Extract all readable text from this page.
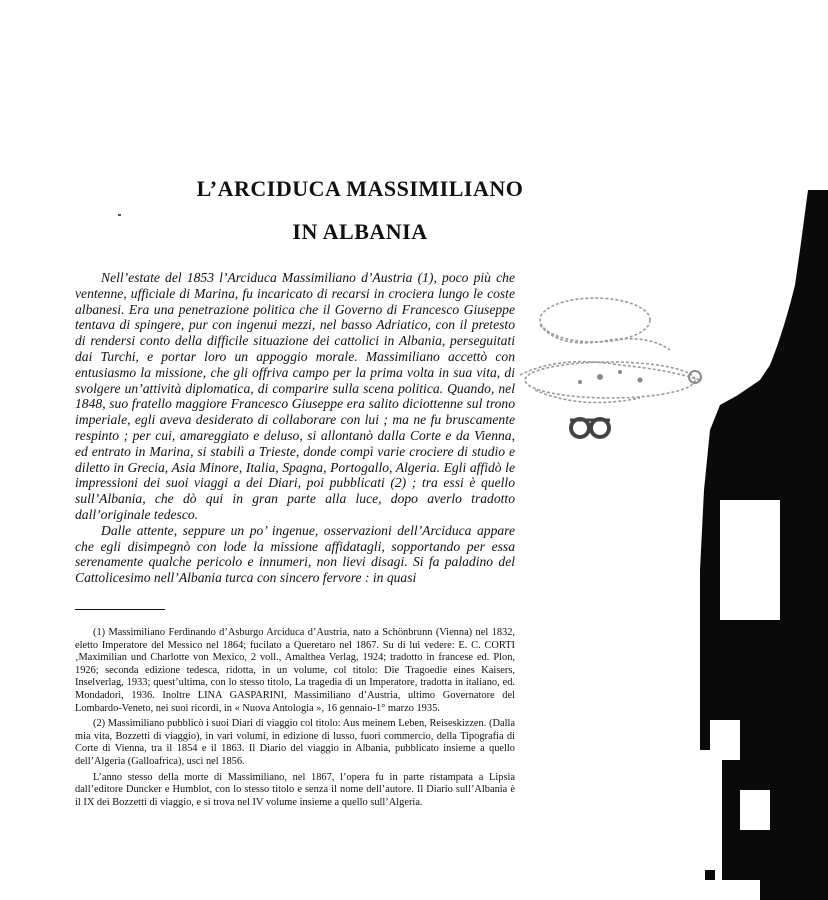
L’ARCIDUCA MASSIMILIANO
IN ALBANIA

Nell’estate del 1853 l’Arciduca Massimiliano d’Austria (1), poco più che ventenne, ufficiale di Marina, fu incaricato di recarsi in crociera lungo le coste albanesi. Era una penetrazione politica che il Governo di Francesco Giuseppe tentava di spingere, pur con ingenui mezzi, nel basso Adriatico, con il pretesto di rendersi conto della difficile situazione dei cattolici in Albania, perseguitati dai Turchi, e portar loro un appoggio morale. Massimiliano accettò con entusiasmo la missione, che gli offriva campo per la prima volta in sua vita, di svolgere un’attività diplomatica, di comparire sulla scena politica. Quando, nel 1848, suo fratello maggiore Francesco Giuseppe era salito diciottenne sul trono imperiale, egli aveva desiderato di collaborare con lui ; ma ne fu bruscamente respinto ; per cui, amareggiato e deluso, si allontanò dalla Corte e da Vienna, ed entrato in Marina, si stabilì a Trieste, donde compì varie crociere di studio e diletto in Grecia, Asia Minore, Italia, Spagna, Portogallo, Algeria. Egli affidò le impressioni dei suoi viaggi a dei Diari, poi pubblicati (2) ; tra essi è quello sull’Albania, che dò qui in gran parte alla luce, dopo averlo tradotto dall’originale tedesco.

Dalle attente, seppure un po’ ingenue, osservazioni dell’Arciduca appare che egli disimpegnò con lode la missione affidatagli, sopportando per essa serenamente qualche pericolo e innumeri, non lievi disagi. Si fa paladino del Cattolicesimo nell’Albania turca con sincero fervore : in quasi

(1) Massimiliano Ferdinando d’Asburgo Arciduca d’Austria, nato a Schönbrunn (Vienna) nel 1832, eletto Imperatore del Messico nel 1864; fucilato a Queretaro nel 1867. Su di lui vedere: E. C. CORTI ‚Maximilian und Charlotte von Mexico, 2 voll., Amalthea Verlag, 1924; tradotto in francese ed. Plon, 1926; seconda edizione tedesca, ridotta, in un volume, col titolo: Die Tragoedie eines Kaisers, Inselverlag, 1933; quest’ultima, con lo stesso titolo, La tragedia di un Imperatore, tradotta in italiano, ed. Mondadori, 1936. Inoltre LINA GASPARINI, Massimiliano d’Austria, ultimo Governatore del Lombardo-Veneto, nei suoi ricordi, in « Nuova Antologia », 16 gennaio-1° marzo 1935.

(2) Massimiliano pubblicò i suoi Diari di viaggio col titolo: Aus meinem Leben, Reiseskizzen. (Dalla mia vita, Bozzetti di viaggio), in vari volumi, in edizione di lusso, fuori commercio, della Tipografia di Corte di Vienna, tra il 1854 e il 1863. Il Diario del viaggio in Albania, pubblicato insieme a quello dell’Algeria (Galloafrica), uscì nel 1856.

L’anno stesso della morte di Massimiliano, nel 1867, l’opera fu in parte ristampata a Lipsia dall’editore Duncker e Humblot, con lo stesso titolo e senza il nome dell’autore. Il Diario sull’Albania è il IX dei Bozzetti di viaggio, e si trova nel IV volume insieme a quello sull’Algeria.
